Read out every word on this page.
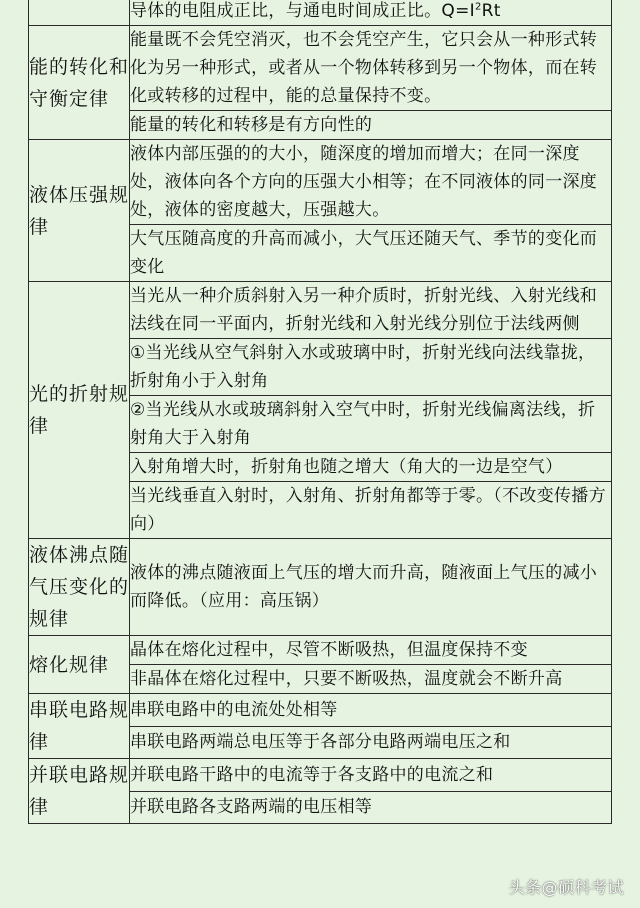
	导体的电阻成正比，与通电时间成正比。$Q=I^2Rt$
能的转化和守衡定律	能量既不会凭空消灭，也不会凭空产生，它只会从一种形式转化为另一种形式，或者从一个物体转移到另一个物体，而在转化或转移的过程中，能的总量保持不变。
	能量的转化和转移是有方向性的
液体压强规律	液体内部压强的的大小，随深度的增加而增大；在同一深度处，液体向各个方向的压强大小相等；在不同液体的同一深度处，液体的密度越大，压强越大。
	大气压随高度的升高而减小，大气压还随天气、季节的变化而变化
光的折射规律	当光从一种介质斜射入另一种介质时，折射光线、入射光线和法线在同一平面内，折射光线和入射光线分别位于法线两侧
	①当光线从空气斜射入水或玻璃中时，折射光线向法线靠拢，折射角小于入射角
	②当光线从水或玻璃斜射入空气中时，折射光线偏离法线，折射角大于入射角
	入射角增大时，折射角也随之增大（角大的一边是空气）
	当光线垂直入射时，入射角、折射角都等于零。（不改变传播方向）
液体沸点随气压变化的规律	液体的沸点随液面上气压的增大而升高，随液面上气压的减小而降低。（应用：高压锅）
熔化规律	晶体在熔化过程中，尽管不断吸热，但温度保持不变
	非晶体在熔化过程中，只要不断吸热，温度就会不断升高
串联电路规律	串联电路中的电流处处相等
	串联电路两端总电压等于各部分电路两端电压之和
并联电路规律	并联电路干路中的电流等于各支路中的电流之和
	并联电路各支路两端的电压相等
头条@硕科考试
